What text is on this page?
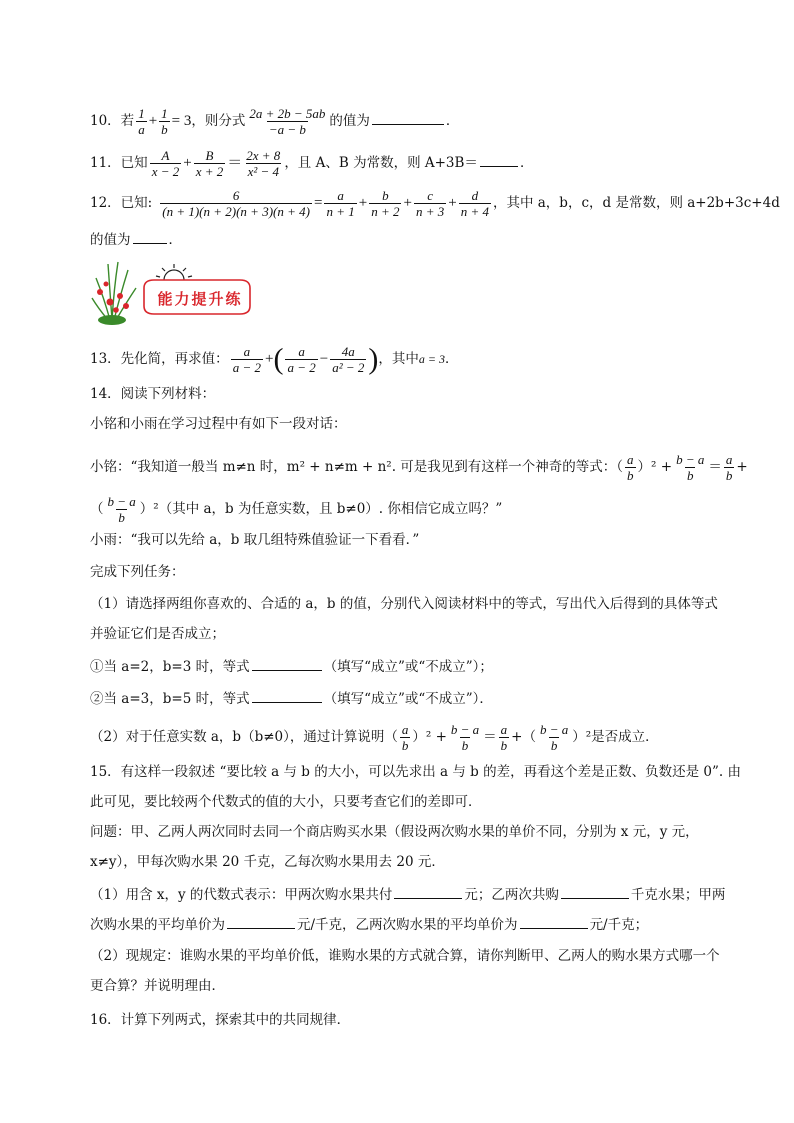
10．若 $\frac{1}{a} + \frac{1}{b} = 3$，则分式 $\frac{2a + 2b - 5ab}{-a - b}$ 的值为	．
11．已知 $\frac{A}{x - 2} + \frac{B}{x + 2} = \frac{2x + 8}{\text{x² − 4}}$ ，且 A、B 为常数，则 A+3B＝	．
12．已知: $\frac{6}{(n + 1)(n + 2)(n + 3)(n + 4)} = \frac{a}{n + 1} + \frac{b}{n + 2} + \frac{c}{n + 3} + \frac{d}{n + 4}$ ，其中 a，b，c，d 是常数，则 a+2b+3c+4d
的值为	．
能力提升练
13．先化简，再求值： $\frac{a}{a - 2}$ +( $\frac{a}{a - 2} - \frac{4a}{\text{a² − 2}}$ )，其中a = 3．
14．阅读下列材料：
小铭和小雨在学习过程中有如下一段对话：
小铭：“我知道一般当 m≠n 时，m² + n≠m + n². 可是我见到有这样一个神奇的等式：（ $\frac{a}{b} )^2 + \frac{b - a}{b} = \frac{a}{b}$ +
（ $\frac{b - a}{b} )^2$（其中 a，b 为任意实数，且 b≠0）. 你相信它成立吗？”
小雨：“我可以先给 a，b 取几组特殊值验证一下看看．”
完成下列任务：
（1）请选择两组你喜欢的、合适的 a，b 的值，分别代入阅读材料中的等式，写出代入后得到的具体等式
并验证它们是否成立；
①当 a=2，b=3 时，等式	（填写“成立”或“不成立”）；
②当 a=3，b=5 时，等式	（填写“成立”或“不成立”）．
（2）对于任意实数 a，b（b≠0），通过计算说明（ $\frac{a}{b} )^2 + \frac{b - a}{b} = \frac{a}{b}$ +（ $\frac{b - a}{b} )^2$是否成立．
15．有这样一段叙述 “要比较 a 与 b 的大小，可以先求出 a 与 b 的差，再看这个差是正数、负数还是 0”. 由
此可见，要比较两个代数式的值的大小，只要考查它们的差即可．
问题：甲、乙两人两次同时去同一个商店购买水果（假设两次购水果的单价不同，分别为 x 元，y 元，
x≠y），甲每次购水果 20 千克，乙每次购水果用去 20 元．
（1）用含 x，y 的代数式表示：甲两次购水果共付	元；乙两次共购	千克水果；甲两
次购水果的平均单价为	元/千克，乙两次购水果的平均单价为	元/千克；
（2）现规定：谁购水果的平均单价低，谁购水果的方式就合算，请你判断甲、乙两人的购水果方式哪一个
更合算？并说明理由．
16．计算下列两式，探索其中的共同规律．
